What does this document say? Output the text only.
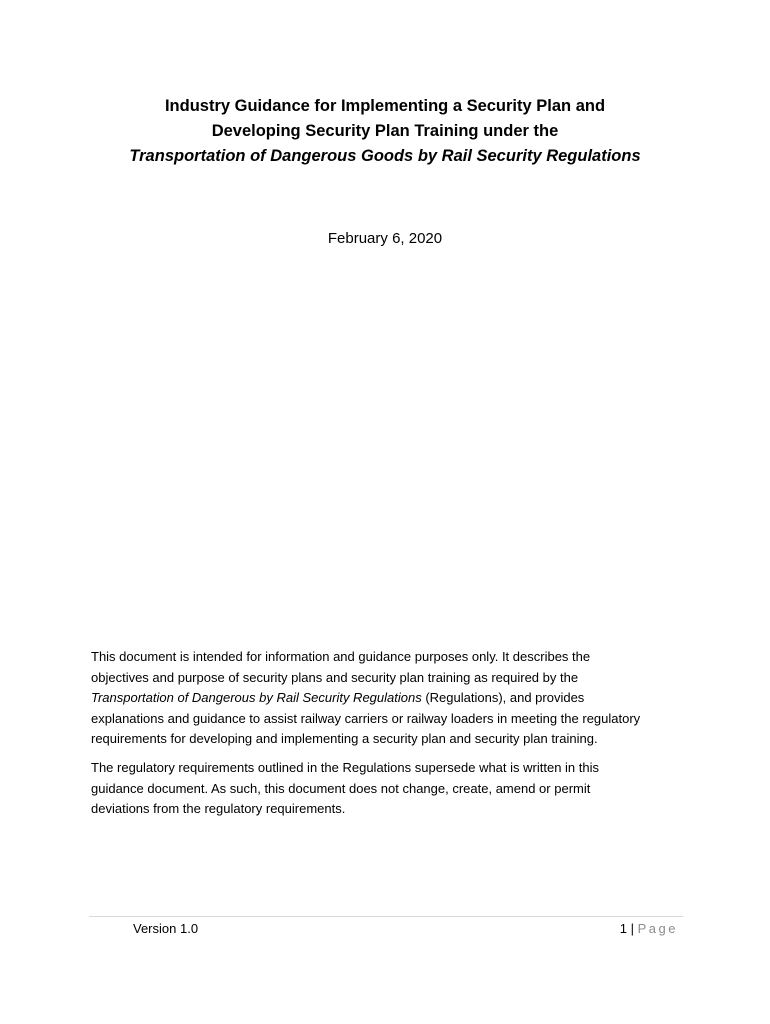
Industry Guidance for Implementing a Security Plan and
Developing Security Plan Training under the
Transportation of Dangerous Goods by Rail Security Regulations
February 6, 2020

This document is intended for information and guidance purposes only. It describes the
objectives and purpose of security plans and security plan training as required by the
Transportation of Dangerous by Rail Security Regulations (Regulations), and provides
explanations and guidance to assist railway carriers or railway loaders in meeting the regulatory
requirements for developing and implementing a security plan and security plan training.

The regulatory requirements outlined in the Regulations supersede what is written in this
guidance document. As such, this document does not change, create, amend or permit
deviations from the regulatory requirements.

Version 1.0	1 | Page
